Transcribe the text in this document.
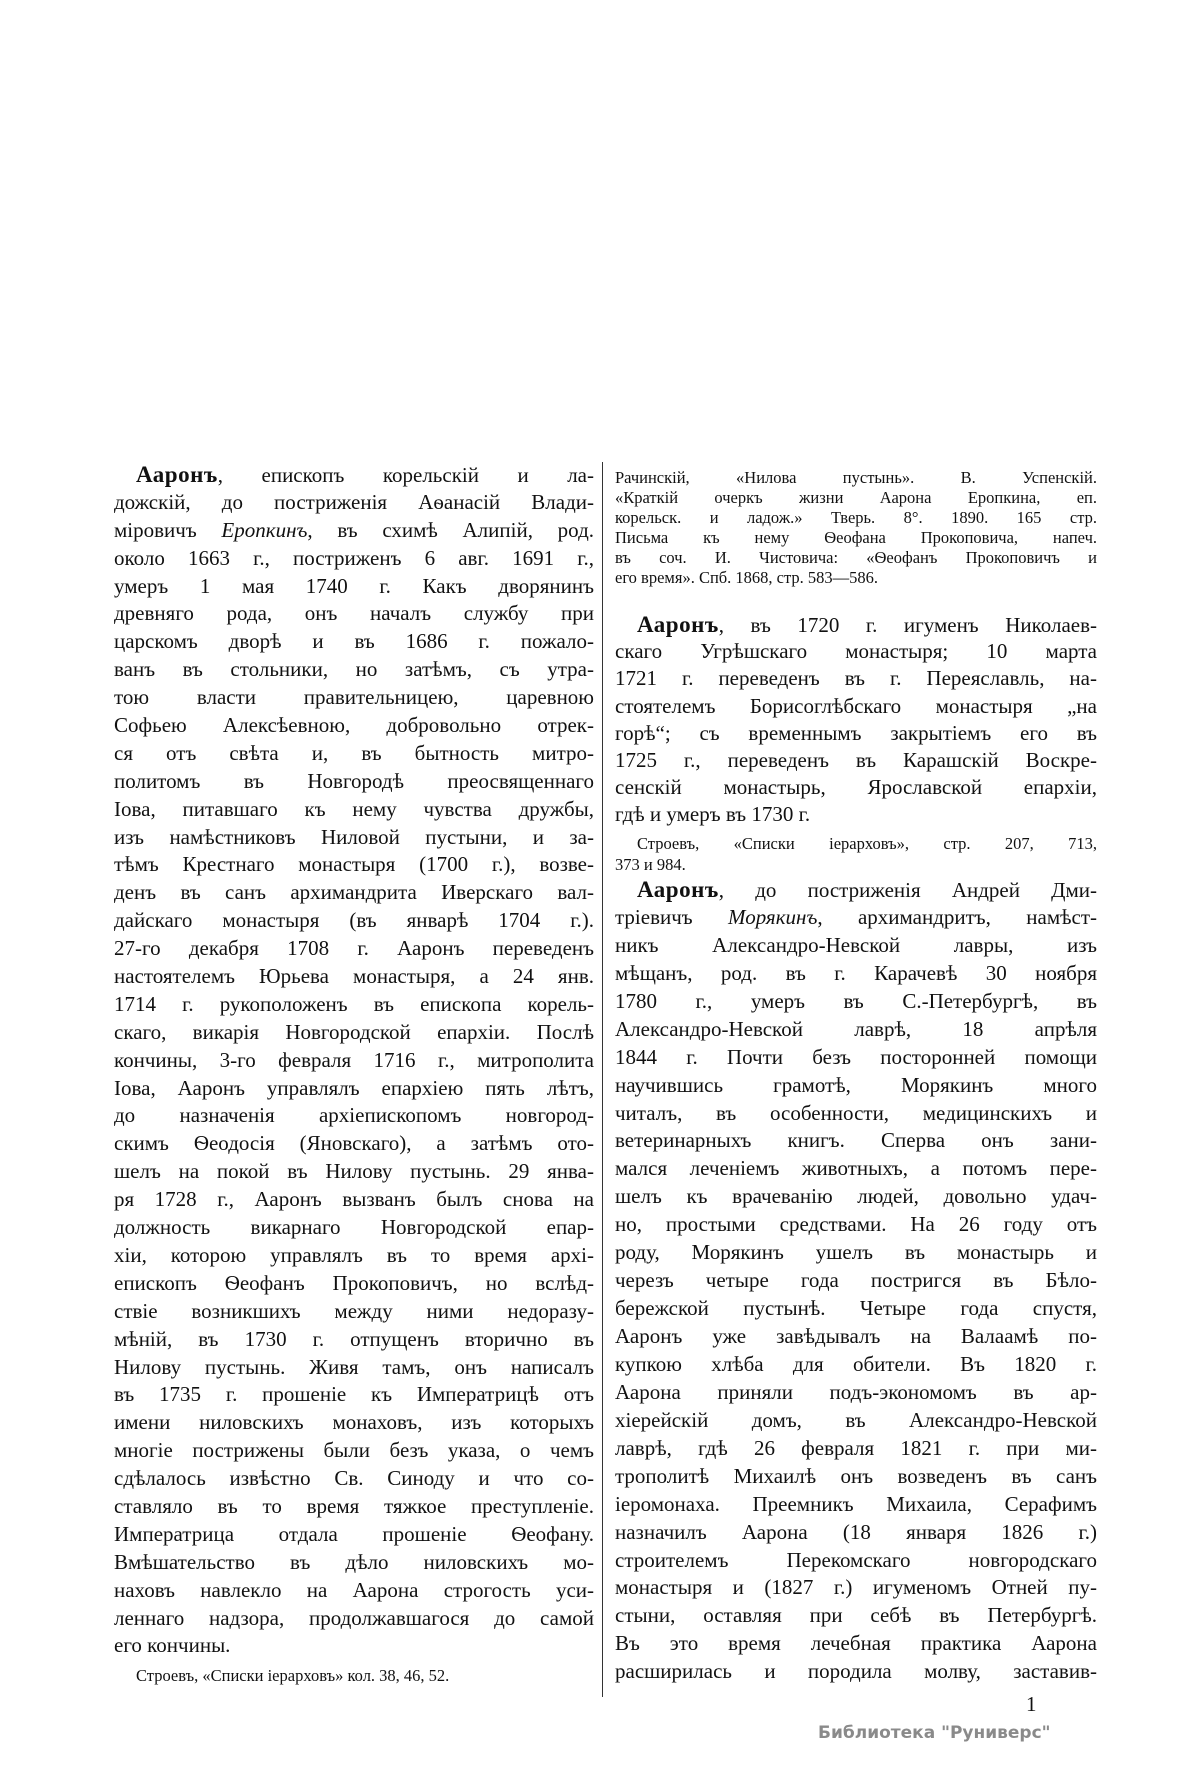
Ааронъ, епископъ корельскій и ла-
дожскій, до постриженія Аѳанасій Влади-
міровичъ Еропкинъ, въ схимѣ Алипій, род.
около 1663 г., постриженъ 6 авг. 1691 г.,
умеръ 1 мая 1740 г. Какъ дворянинъ
древняго рода, онъ началъ службу при
царскомъ дворѣ и въ 1686 г. пожало-
ванъ въ стольники, но затѣмъ, съ утра-
тою власти правительницею, царевною
Софьею Алексѣевною, добровольно отрек-
ся отъ свѣта и, въ бытность митро-
политомъ въ Новгородѣ преосвященнаго
Іова, питавшаго къ нему чувства дружбы,
изъ намѣстниковъ Ниловой пустыни, и за-
тѣмъ Крестнаго монастыря (1700 г.), возве-
денъ въ санъ архимандрита Иверскаго вал-
дайскаго монастыря (въ январѣ 1704 г.).
27-го декабря 1708 г. Ааронъ переведенъ
настоятелемъ Юрьева монастыря, а 24 янв.
1714 г. рукоположенъ въ епископа корель-
скаго, викарія Новгородской епархіи. Послѣ
кончины, 3-го февраля 1716 г., митрополита
Іова, Ааронъ управлялъ епархіею пять лѣтъ,
до назначенія архіепископомъ новгород-
скимъ Ѳеодосія (Яновскаго), а затѣмъ ото-
шелъ на покой въ Нилову пустынь. 29 янва-
ря 1728 г., Ааронъ вызванъ былъ снова на
должность викарнаго Новгородской епар-
хіи, которою управлялъ въ то время архі-
епископъ Ѳеофанъ Прокоповичъ, но вслѣд-
ствіе возникшихъ между ними недоразу-
мѣній, въ 1730 г. отпущенъ вторично въ
Нилову пустынь. Живя тамъ, онъ написалъ
въ 1735 г. прошеніе къ Императрицѣ отъ
имени ниловскихъ монаховъ, изъ которыхъ
многіе пострижены были безъ указа, о чемъ
сдѣлалось извѣстно Св. Синоду и что со-
ставляло въ то время тяжкое преступленіе.
Императрица отдала прошеніе Ѳеофану.
Вмѣшательство въ дѣло ниловскихъ мо-
наховъ навлекло на Аарона строгость уси-
леннаго надзора, продолжавшагося до самой
его кончины.
Строевъ, «Списки іерарховъ» кол. 38, 46, 52.
Рачинскій, «Нилова пустынь». В. Успенскій.
«Краткій очеркъ жизни Аарона Еропкина, еп.
корельск. и ладож.» Тверь. 8°. 1890. 165 стр.
Письма къ нему Ѳеофана Прокоповича, напеч.
въ соч. И. Чистовича: «Ѳеофанъ Прокоповичъ и
его время». Спб. 1868, стр. 583—586.
Ааронъ, въ 1720 г. игуменъ Николаев-
скаго Угрѣшскаго монастыря; 10 марта
1721 г. переведенъ въ г. Переяславль, на-
стоятелемъ Борисоглѣбскаго монастыря „на
горѣ“; съ временнымъ закрытіемъ его въ
1725 г., переведенъ въ Карашскій Воскре-
сенскій монастырь, Ярославской епархіи,
гдѣ и умеръ въ 1730 г.
Строевъ, «Списки іерарховъ», стр. 207, 713,
373 и 984.
Ааронъ, до постриженія Андрей Дми-
тріевичъ Морякинъ, архимандритъ, намѣст-
никъ Александро-Невской лавры, изъ
мѣщанъ, род. въ г. Карачевѣ 30 ноября
1780 г., умеръ въ С.-Петербургѣ, въ
Александро-Невской лаврѣ, 18 апрѣля
1844 г. Почти безъ посторонней помощи
научившись грамотѣ, Морякинъ много
читалъ, въ особенности, медицинскихъ и
ветеринарныхъ книгъ. Сперва онъ зани-
мался леченіемъ животныхъ, а потомъ пере-
шелъ къ врачеванію людей, довольно удач-
но, простыми средствами. На 26 году отъ
роду, Морякинъ ушелъ въ монастырь и
черезъ четыре года постригся въ Бѣло-
бережской пустынѣ. Четыре года спустя,
Ааронъ уже завѣдывалъ на Валаамѣ по-
купкою хлѣба для обители. Въ 1820 г.
Аарона приняли подъ-экономомъ въ ар-
хіерейскій домъ, въ Александро-Невской
лаврѣ, гдѣ 26 февраля 1821 г. при ми-
трополитѣ Михаилѣ онъ возведенъ въ санъ
іеромонаха. Преемникъ Михаила, Серафимъ
назначилъ Аарона (18 января 1826 г.)
строителемъ Перекомскаго новгородскаго
монастыря и (1827 г.) игуменомъ Отней пу-
стыни, оставляя при себѣ въ Петербургѣ.
Въ это время лечебная практика Аарона
расширилась и породила молву, заставив-
1
Библиотека "Руниверс"
